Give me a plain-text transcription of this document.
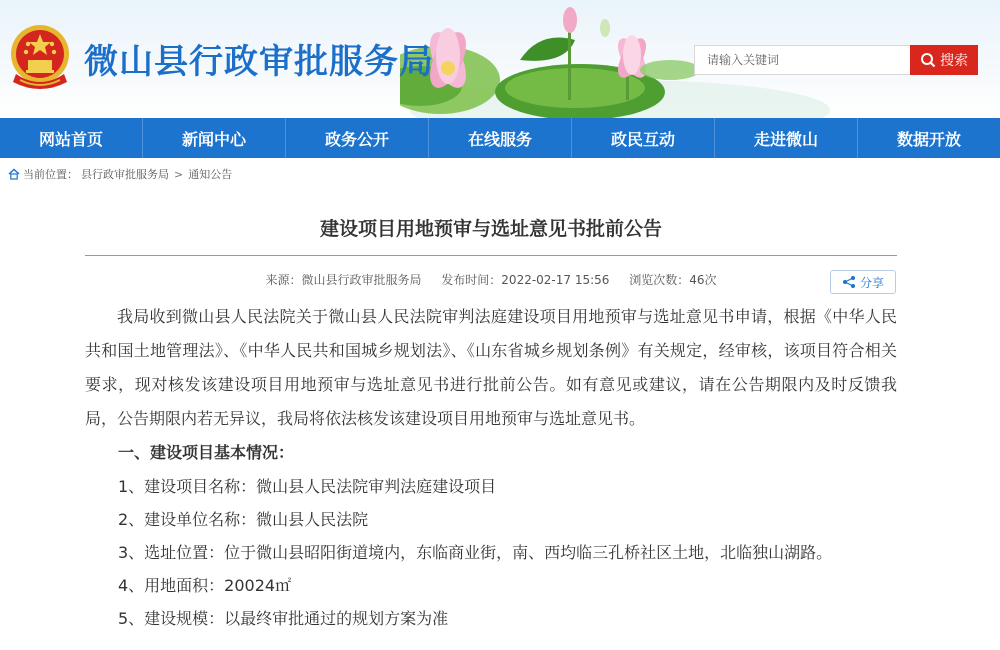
微山县行政审批服务局
请输入关键词	搜索
网站首页	新闻中心	政务公开	在线服务	政民互动	走进微山	数据开放
当前位置： 县行政审批服务局 > 通知公告
建设项目用地预审与选址意见书批前公告
来源：微山县行政审批服务局 发布时间：2022-02-17 15:56 浏览次数：46次	分享

我局收到微山县人民法院关于微山县人民法院审判法庭建设项目用地预审与选址意见书申请，根据《中华人民共和国土地管理法》、《中华人民共和国城乡规划法》、《山东省城乡规划条例》有关规定，经审核，该项目符合相关要求，现对核发该建设项目用地预审与选址意见书进行批前公告。如有意见或建议，请在公告期限内及时反馈我局，公告期限内若无异议，我局将依法核发该建设项目用地预审与选址意见书。

一、建设项目基本情况：

1、建设项目名称：微山县人民法院审判法庭建设项目

2、建设单位名称：微山县人民法院

3、选址位置：位于微山县昭阳街道境内，东临商业街，南、西均临三孔桥社区土地，北临独山湖路。

4、用地面积：20024㎡

5、建设规模：以最终审批通过的规划方案为准
